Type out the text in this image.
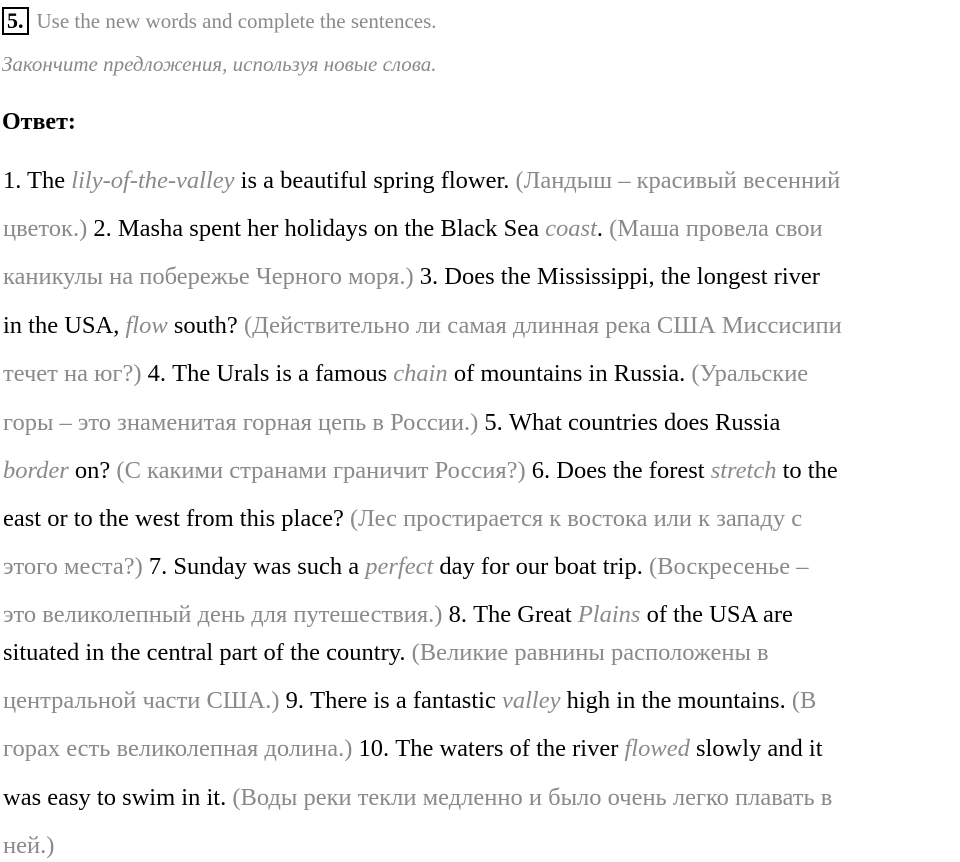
5. Use the new words and complete the sentences.
Закончите предложения, используя новые слова.
Ответ:
1. The lily-of-the-valley is a beautiful spring flower. (Ландыш – красивый весенний
цветок.) 2. Masha spent her holidays on the Black Sea coast. (Маша провела свои
каникулы на побережье Черного моря.) 3. Does the Mississippi, the longest river
in the USA, flow south? (Действительно ли самая длинная река США Миссисипи
течет на юг?) 4. The Urals is a famous chain of mountains in Russia. (Уральские
горы – это знаменитая горная цепь в России.) 5. What countries does Russia
border on? (С какими странами граничит Россия?) 6. Does the forest stretch to the
east or to the west from this place? (Лес простирается к востока или к западу с
этого места?) 7. Sunday was such a perfect day for our boat trip. (Воскресенье –
это великолепный день для путешествия.) 8. The Great Plains of the USA are
situated in the central part of the country. (Великие равнины расположены в
центральной части США.) 9. There is a fantastic valley high in the mountains. (В
горах есть великолепная долина.) 10. The waters of the river flowed slowly and it
was easy to swim in it. (Воды реки текли медленно и было очень легко плавать в
ней.)
